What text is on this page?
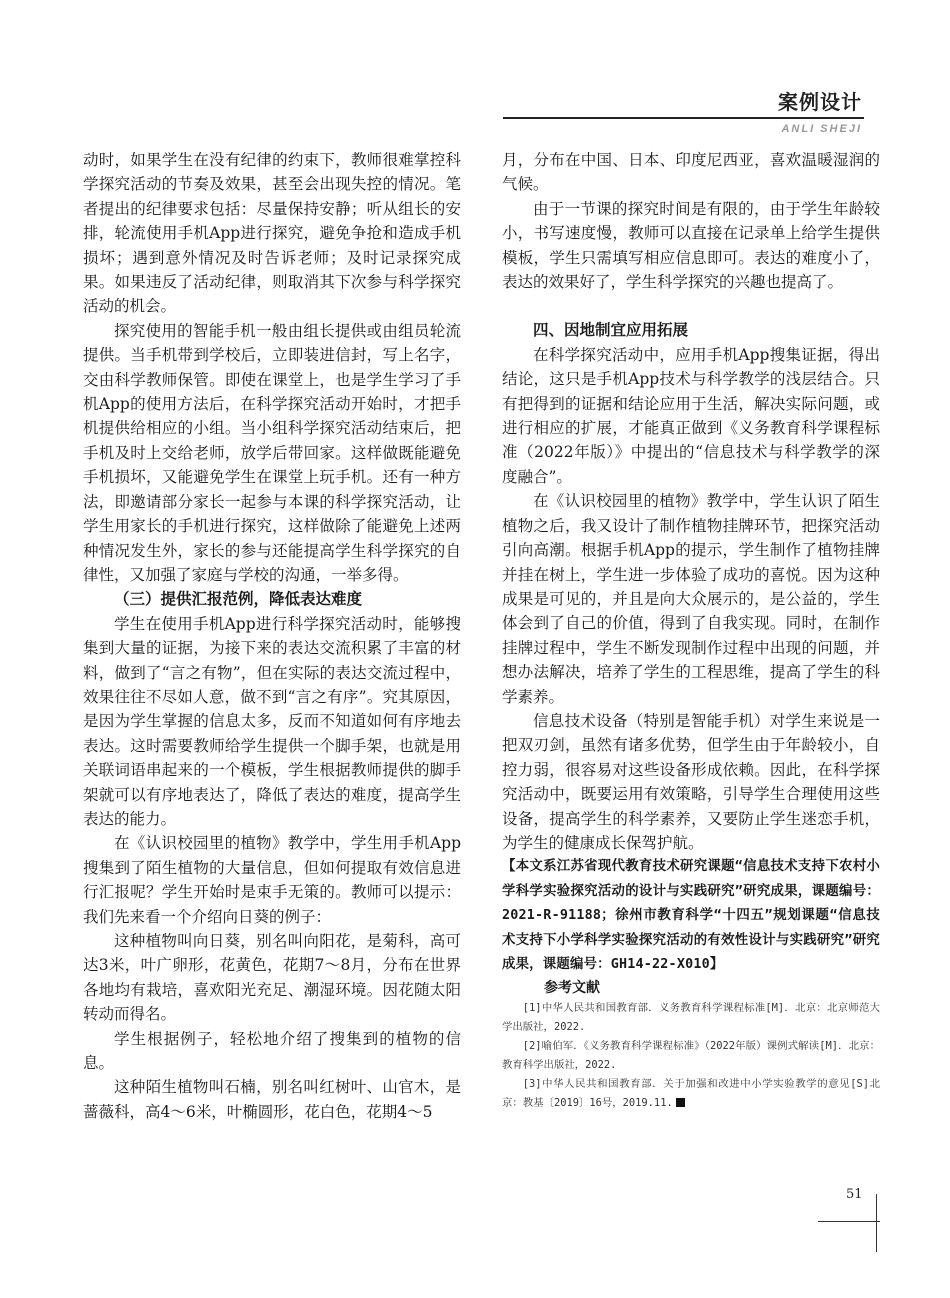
案例设计
ANLI SHEJI

动时，如果学生在没有纪律的约束下，教师很难掌控科学探究活动的节奏及效果，甚至会出现失控的情况。笔者提出的纪律要求包括：尽量保持安静；听从组长的安排，轮流使用手机App进行探究，避免争抢和造成手机损坏；遇到意外情况及时告诉老师；及时记录探究成果。如果违反了活动纪律，则取消其下次参与科学探究活动的机会。

探究使用的智能手机一般由组长提供或由组员轮流提供。当手机带到学校后，立即装进信封，写上名字，交由科学教师保管。即使在课堂上，也是学生学习了手机App的使用方法后，在科学探究活动开始时，才把手机提供给相应的小组。当小组科学探究活动结束后，把手机及时上交给老师，放学后带回家。这样做既能避免手机损坏，又能避免学生在课堂上玩手机。还有一种方法，即邀请部分家长一起参与本课的科学探究活动，让学生用家长的手机进行探究，这样做除了能避免上述两种情况发生外，家长的参与还能提高学生科学探究的自律性，又加强了家庭与学校的沟通，一举多得。

（三）提供汇报范例，降低表达难度

学生在使用手机App进行科学探究活动时，能够搜集到大量的证据，为接下来的表达交流积累了丰富的材料，做到了“言之有物”，但在实际的表达交流过程中，效果往往不尽如人意，做不到“言之有序”。究其原因，是因为学生掌握的信息太多，反而不知道如何有序地去表达。这时需要教师给学生提供一个脚手架，也就是用关联词语串起来的一个模板，学生根据教师提供的脚手架就可以有序地表达了，降低了表达的难度，提高学生表达的能力。

在《认识校园里的植物》教学中，学生用手机App搜集到了陌生植物的大量信息，但如何提取有效信息进行汇报呢？学生开始时是束手无策的。教师可以提示：我们先来看一个介绍向日葵的例子：

这种植物叫向日葵，别名叫向阳花，是菊科，高可达3米，叶广卵形，花黄色，花期7～8月，分布在世界各地均有栽培，喜欢阳光充足、潮湿环境。因花随太阳转动而得名。

学生根据例子，轻松地介绍了搜集到的植物的信息。

这种陌生植物叫石楠，别名叫红树叶、山官木，是蔷薇科，高4～6米，叶椭圆形，花白色，花期4～5

月，分布在中国、日本、印度尼西亚，喜欢温暖湿润的气候。

由于一节课的探究时间是有限的，由于学生年龄较小，书写速度慢，教师可以直接在记录单上给学生提供模板，学生只需填写相应信息即可。表达的难度小了，表达的效果好了，学生科学探究的兴趣也提高了。

四、因地制宜应用拓展

在科学探究活动中，应用手机App搜集证据，得出结论，这只是手机App技术与科学教学的浅层结合。只有把得到的证据和结论应用于生活，解决实际问题，或进行相应的扩展，才能真正做到《义务教育科学课程标准（2022年版）》中提出的“信息技术与科学教学的深度融合”。

在《认识校园里的植物》教学中，学生认识了陌生植物之后，我又设计了制作植物挂牌环节，把探究活动引向高潮。根据手机App的提示，学生制作了植物挂牌并挂在树上，学生进一步体验了成功的喜悦。因为这种成果是可见的，并且是向大众展示的，是公益的，学生体会到了自己的价值，得到了自我实现。同时，在制作挂牌过程中，学生不断发现制作过程中出现的问题，并想办法解决，培养了学生的工程思维，提高了学生的科学素养。

信息技术设备（特别是智能手机）对学生来说是一把双刃剑，虽然有诸多优势，但学生由于年龄较小，自控力弱，很容易对这些设备形成依赖。因此，在科学探究活动中，既要运用有效策略，引导学生合理使用这些设备，提高学生的科学素养，又要防止学生迷恋手机，为学生的健康成长保驾护航。

【本文系江苏省现代教育技术研究课题“信息技术支持下农村小学科学实验探究活动的设计与实践研究”研究成果，课题编号：2021-R-91188；徐州市教育科学“十四五”规划课题“信息技术支持下小学科学实验探究活动的有效性设计与实践研究”研究成果，课题编号：GH14-22-X010】

参考文献

[1]中华人民共和国教育部．义务教育科学课程标准[M]．北京：北京师范大学出版社，2022.

[2]喻伯军．《义务教育科学课程标准》（2022年版）课例式解读[M]．北京：教育科学出版社，2022.

[3]中华人民共和国教育部．关于加强和改进中小学实验教学的意见[S]北京：教基〔2019〕16号，2019.11.

51
